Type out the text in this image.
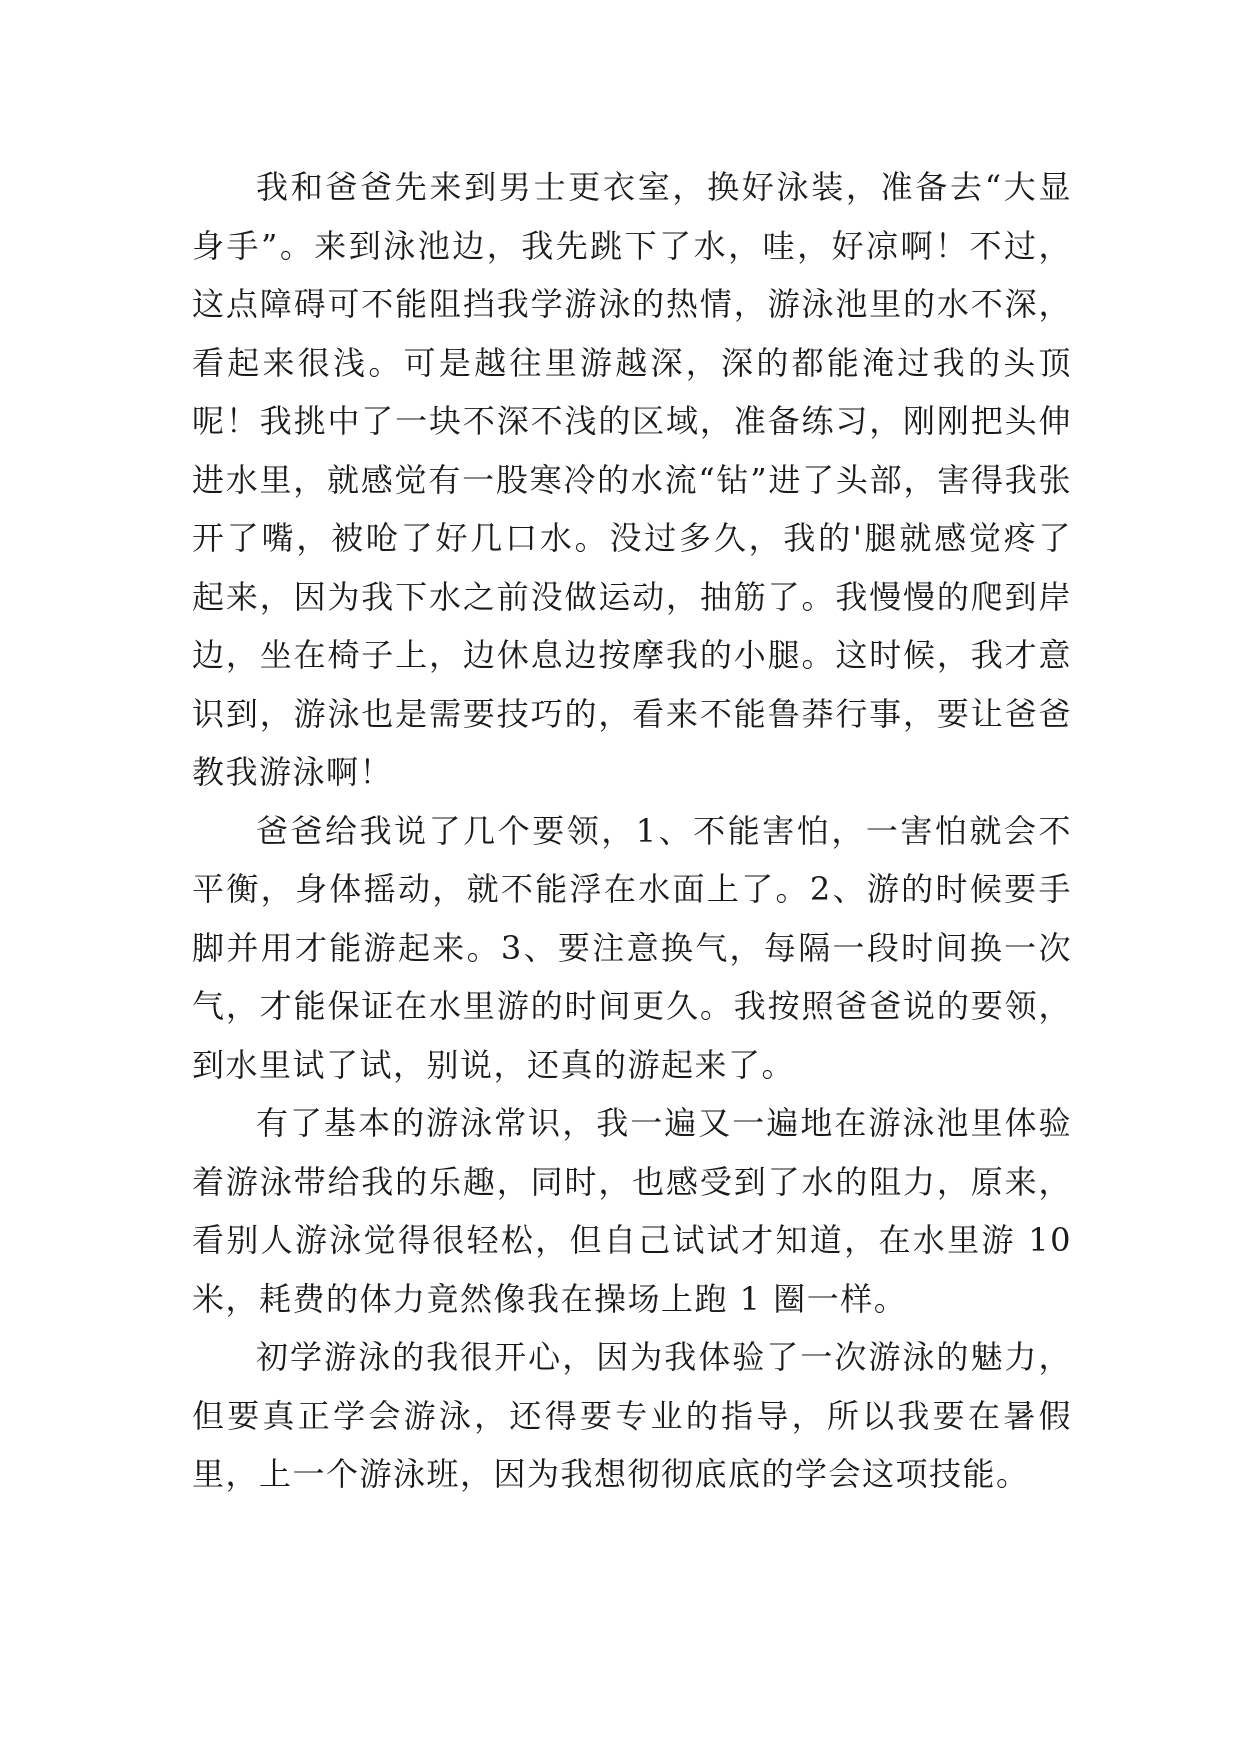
我和爸爸先来到男士更衣室，换好泳装，准备去“大显身手”。来到泳池边，我先跳下了水，哇，好凉啊！不过，这点障碍可不能阻挡我学游泳的热情，游泳池里的水不深，看起来很浅。可是越往里游越深，深的都能淹过我的头顶呢！我挑中了一块不深不浅的区域，准备练习，刚刚把头伸进水里，就感觉有一股寒冷的水流“钻”进了头部，害得我张开了嘴，被呛了好几口水。没过多久，我的'腿就感觉疼了起来，因为我下水之前没做运动，抽筋了。我慢慢的爬到岸边，坐在椅子上，边休息边按摩我的小腿。这时候，我才意识到，游泳也是需要技巧的，看来不能鲁莽行事，要让爸爸教我游泳啊！

爸爸给我说了几个要领，1、不能害怕，一害怕就会不平衡，身体摇动，就不能浮在水面上了。2、游的时候要手脚并用才能游起来。3、要注意换气，每隔一段时间换一次气，才能保证在水里游的时间更久。我按照爸爸说的要领，到水里试了试，别说，还真的游起来了。

有了基本的游泳常识，我一遍又一遍地在游泳池里体验着游泳带给我的乐趣，同时，也感受到了水的阻力，原来，看别人游泳觉得很轻松，但自己试试才知道，在水里游 10 米，耗费的体力竟然像我在操场上跑 1 圈一样。

初学游泳的我很开心，因为我体验了一次游泳的魅力，但要真正学会游泳，还得要专业的指导，所以我要在暑假里，上一个游泳班，因为我想彻彻底底的学会这项技能。
